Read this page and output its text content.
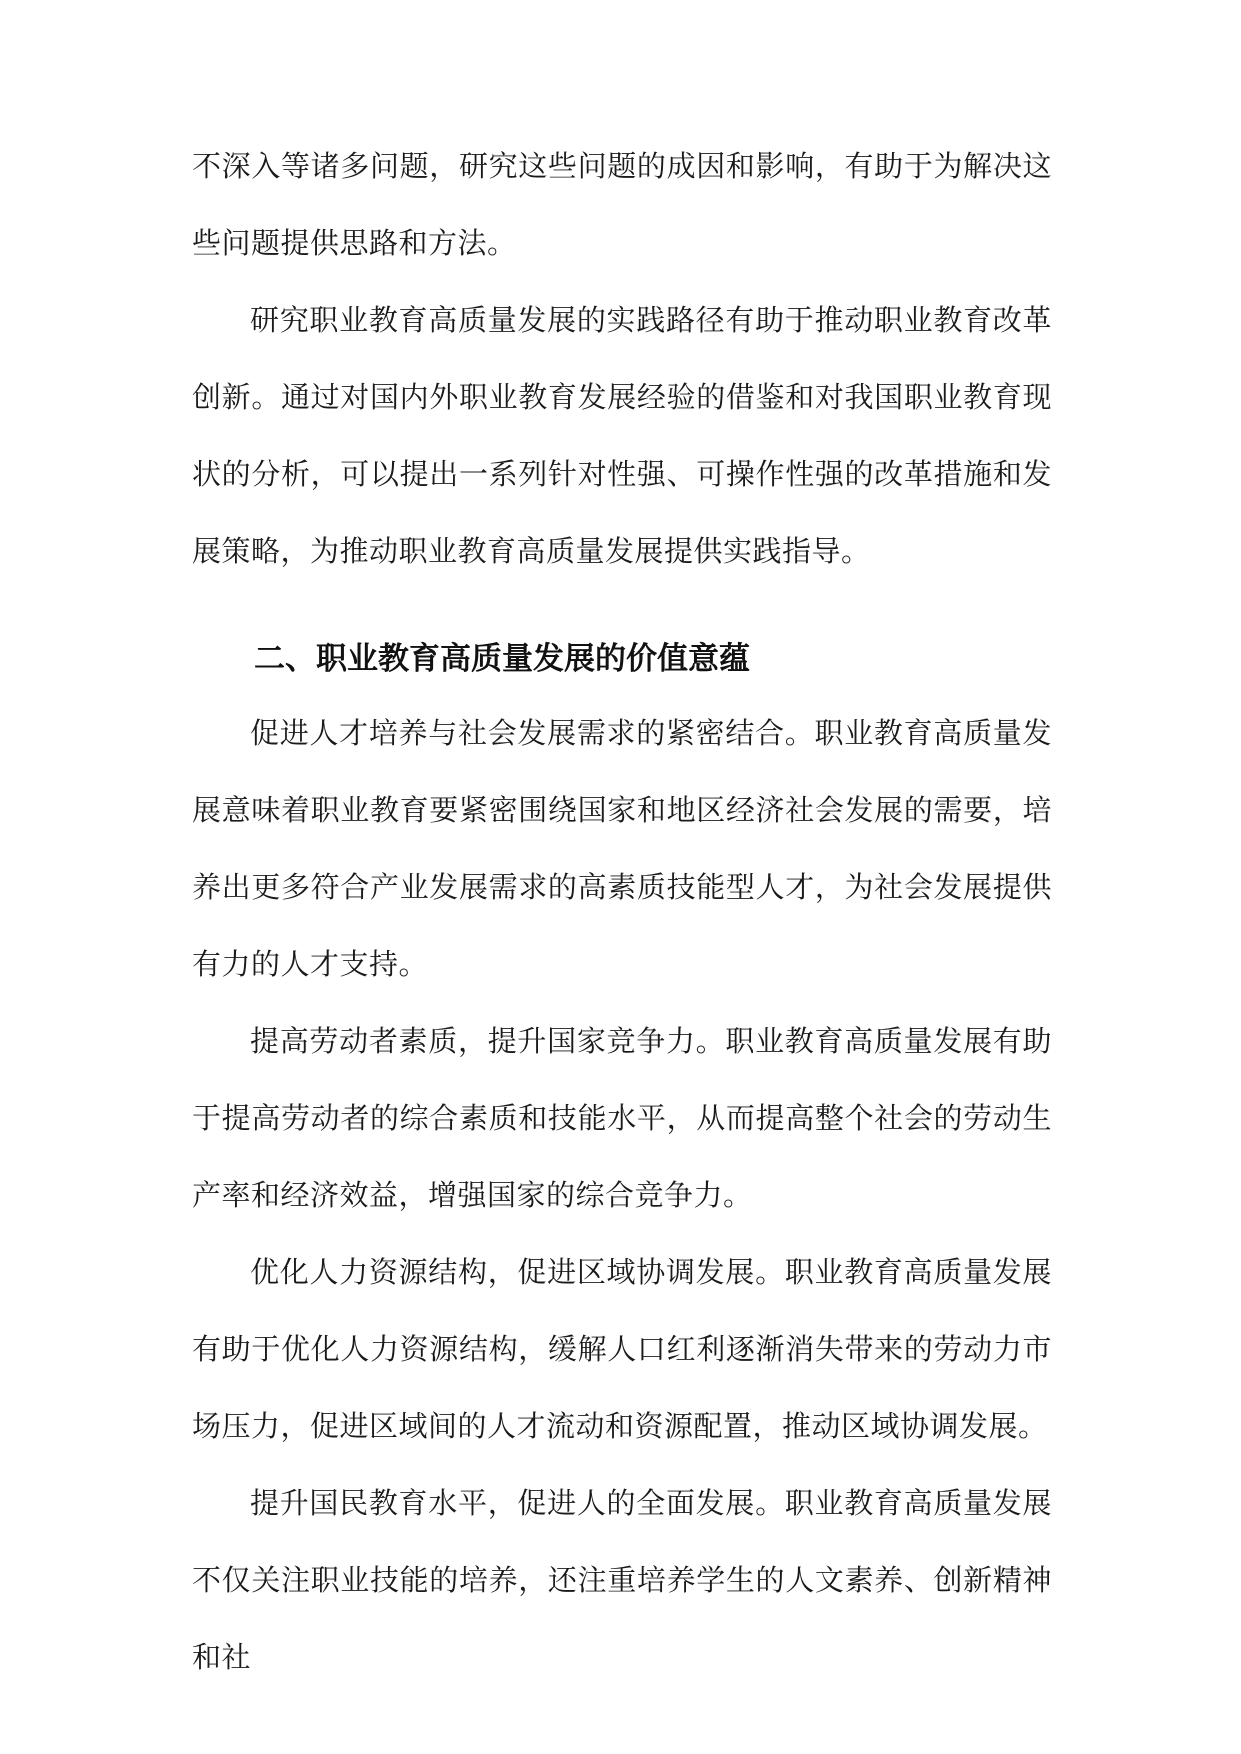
不深入等诸多问题，研究这些问题的成因和影响，有助于为解决这些问题提供思路和方法。

研究职业教育高质量发展的实践路径有助于推动职业教育改革创新。通过对国内外职业教育发展经验的借鉴和对我国职业教育现状的分析，可以提出一系列针对性强、可操作性强的改革措施和发展策略，为推动职业教育高质量发展提供实践指导。

二、职业教育高质量发展的价值意蕴

促进人才培养与社会发展需求的紧密结合。职业教育高质量发展意味着职业教育要紧密围绕国家和地区经济社会发展的需要，培养出更多符合产业发展需求的高素质技能型人才，为社会发展提供有力的人才支持。

提高劳动者素质，提升国家竞争力。职业教育高质量发展有助于提高劳动者的综合素质和技能水平，从而提高整个社会的劳动生产率和经济效益，增强国家的综合竞争力。

优化人力资源结构，促进区域协调发展。职业教育高质量发展有助于优化人力资源结构，缓解人口红利逐渐消失带来的劳动力市场压力，促进区域间的人才流动和资源配置，推动区域协调发展。

提升国民教育水平，促进人的全面发展。职业教育高质量发展不仅关注职业技能的培养，还注重培养学生的人文素养、创新精神和社
